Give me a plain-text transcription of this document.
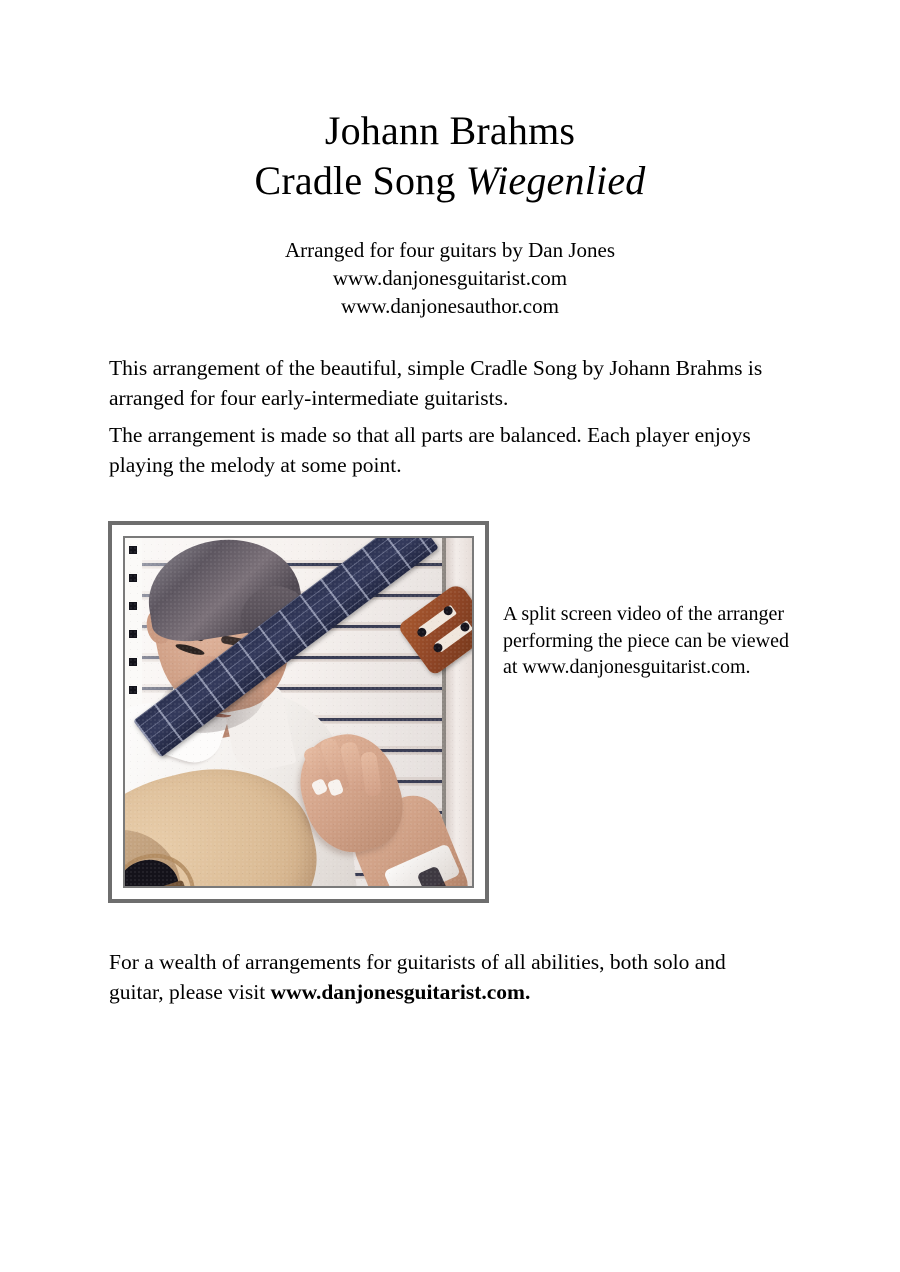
Johann Brahms
Cradle Song Wiegenlied
Arranged for four guitars by Dan Jones
www.danjonesguitarist.com
www.danjonesauthor.com
This arrangement of the beautiful, simple Cradle Song by Johann Brahms is arranged for four early-intermediate guitarists.
The arrangement is made so that all parts are balanced. Each player enjoys playing the melody at some point.
A split screen video of the arranger performing the piece can be viewed at www.danjonesguitarist.com.
For a wealth of arrangements for guitarists of all abilities, both solo and guitar, please visit www.danjonesguitarist.com.
